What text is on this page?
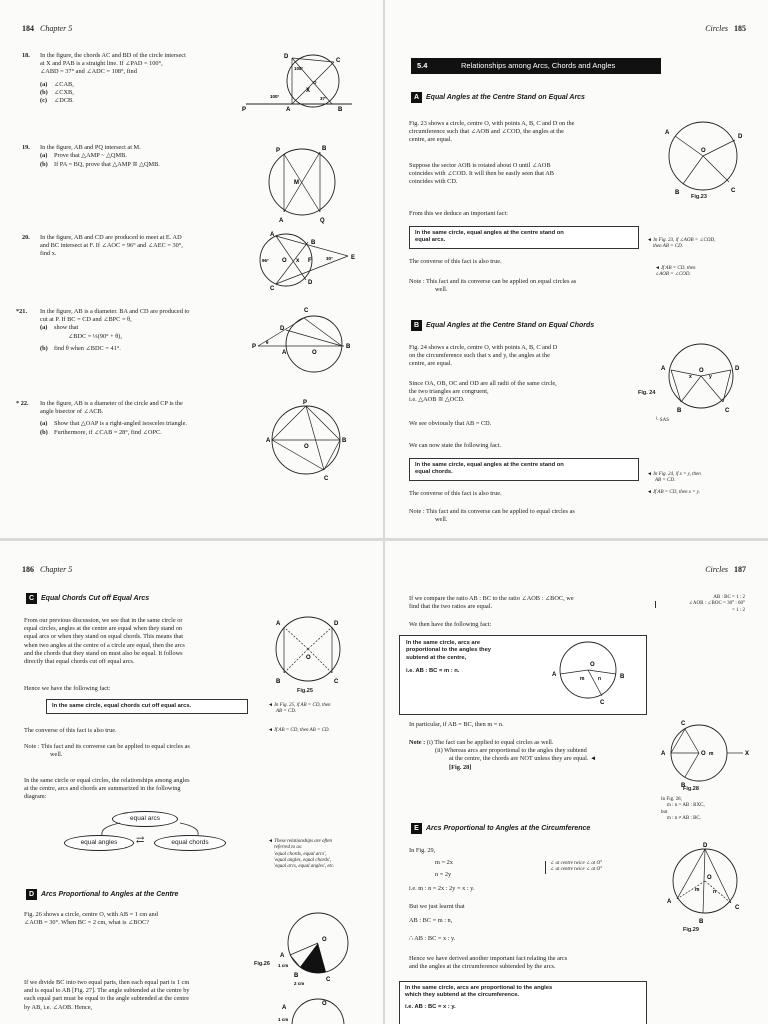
184 Chapter 5
18. In the figure, the chords AC and BD of the circle intersect
at X and PAB is a straight line. If ∠PAD = 100°,
∠ABD = 37° and ∠ADC = 108°, find
(a) ∠CAB,
(b) ∠CXB,
(c) ∠DCB.
D
108°
X
O
37°
100°
A	B
C
P
19. In the figure, AB and PQ intersect at M.
(a) Prove that △AMP ~ △QMB.
(b) If PA = BQ, prove that △AMP ≅ △QMB.
P	B
M
A	Q
20. In the figure, AB and CD are produced to meet at E. AD
and BC intersect at F. If ∠AOC = 96° and ∠AEC = 30°,
find x.
A
B
96° O x F	30°	E
D
C
*21. In the figure, AB is a diameter. BA and CD are produced to
cut at P. If BC = CD and ∠BPC = θ,
(a) show that
∠BDC = ⅓(90° + θ),
(b) find θ when ∠BDC = 41°.
C
D
P
θ
A	O
B
* 22. In the figure, AB is a diameter of the circle and CP is the
angle bisector of ∠ACB.
(a) Show that △OAP is a right-angled isosceles triangle.
(b) Furthermore, if ∠CAB = 28°, find ∠OPC.
P
A
O
B
C
Circles 185
5.4	Relationships among Arcs, Chords and Angles
A Equal Angles at the Centre Stand on Equal Arcs
Fig. 23 shows a circle, centre O, with points A, B, C and D on the
circumference such that ∠AOB and ∠COD, the angles at the
centre, are equal.
Suppose the sector AOB is rotated about O until ∠AOB
coincides with ∠COD. It will then be easily seen that AB
coincides with CD.
A
D
O
B	C
Fig.23
From this we deduce an important fact:
In the same circle, equal angles at the centre stand on
equal arcs.	◄ In Fig. 23, if ∠AOB = ∠COD,
then AB = CD.
The converse of this fact is also true.
◄ If AB = CD, then
∠AOB = ∠COD.
Note : This fact and its converse can be applied on equal circles as
well.
B Equal Angles at the Centre Stand on Equal Chords
Fig. 24 shows a circle, centre O, with points A, B, C and D
on the circumference such that x and y, the angles at the
centre, are equal.
A	D
x	y
O
B	C
Fig. 24
Since OA, OB, OC and OD are all radii of the same circle,
the two triangles are congruent,
i.e. △AOB ≅ △OCD.
└ SAS
We see obviously that AB = CD.
We can now state the following fact.
In the same circle, equal angles at the centre stand on
equal chords.	◄ In Fig. 24, if x = y, then
AB = CD.
The converse of this fact is also true.	◄ If AB = CD, then x = y.
Note : This fact and its converse can be applied to equal circles as
well.
186 Chapter 5
C Equal Chords Cut off Equal Arcs
From our previous discussion, we see that in the same circle or
equal circles, angles at the centre are equal when they stand on
equal arcs or when they stand on equal chords. This means that
when two angles at the centre of a circle are equal, then the arcs
and the chords that they stand on must also be equal. It follows
directly that equal chords cut off equal arcs.
A	D
O
B	C
Fig.25
Hence we have the following fact:
In the same circle, equal chords cut off equal arcs.	◄ In Fig. 25, if AB = CD, then
AB = CD.
The converse of this fact is also true.	◄ If AB = CD, then AB = CD.
Note : This fact and its converse can be applied to equal circles as
well.
In the same circle or equal circles, the relationships among angles
at the centre, arcs and chords are summarized in the following
diagram:
equal arcs
equal angles	⇄	equal chords	◄ These relationships are often
referred to as:
'equal chords, equal arcs',
'equal angles, equal chords',
'equal arcs, equal angles', etc.
D Arcs Proportional to Angles at the Centre
Fig. 26 shows a circle, centre O, with AB = 1 cm and
∠AOB = 30°. When BC = 2 cm, what is ∠BOC?
A
O
1 cm
B
2 cm
C
Fig.26
If we divide BC into two equal parts, then each equal part is 1 cm
and is equal to AB [Fig. 27]. The angle subtended at the centre by
each equal part must be equal to the angle subtended at the centre
by AB, i.e. ∠AOB. Hence,	A
O
1 cm
Circles 187
If we compare the ratio AB : BC to the ratio ∠AOB : ∠BOC, we
find that the two ratios are equal.
AB : BC = 1 : 2
∠AOB : ∠BOC = 30° : 60°
= 1 : 2
We then have the following fact:
In the same circle, arcs are
proportional to the angles they
subtend at the centre,
i.e. AB : BC = m : n.
A
O
m	n	B
C
In particular, if AB = BC, then m = n.
Note : (i) The fact can be applied to equal circles as well.
(ii) Whereas arcs are proportional to the angles they subtend
at the centre, the chords are NOT unless they are equal. ◄
[Fig. 28]
C
A	O m	X
B
Fig.28
In Fig. 28,
m : n = AB : BXC,
but
m : n ≠ AB : BC.
E	Arcs Proportional to Angles at the Circumference
In Fig. 29,
m = 2x
n = 2y
∠ at centre twice ∠ at O°
∠ at centre twice ∠ at O°
i.e. m : n = 2x : 2y = x : y.
But we just learnt that
AB : BC = m : n,
∴ AB : BC = x : y.
D
O
m	n
A
B
C
Fig.29
Hence we have derived another important fact relating the arcs
and the angles at the circumference subtended by the arcs.
In the same circle, arcs are proportional to the angles
which they subtend at the circumference.
i.e. AB : BC = x : y.
